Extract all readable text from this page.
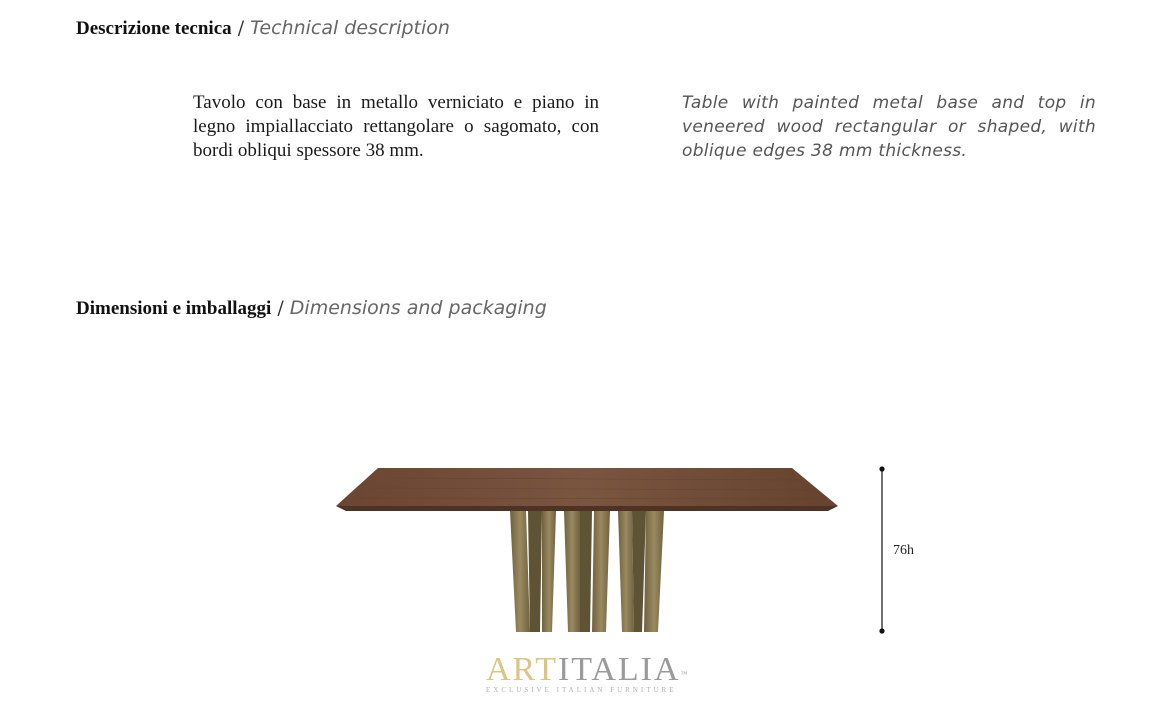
Descrizione tecnica / Technical description
Tavolo con base in metallo verniciato e piano in legno impiallacciato rettangolare o sagomato, con bordi obliqui spessore 38 mm.
Table with painted metal base and top in veneered wood rectangular or shaped, with oblique edges 38 mm thickness.
Dimensioni e imballaggi / Dimensions and packaging
76h
ARTITALIA™
EXCLUSIVE ITALIAN FURNITURE
